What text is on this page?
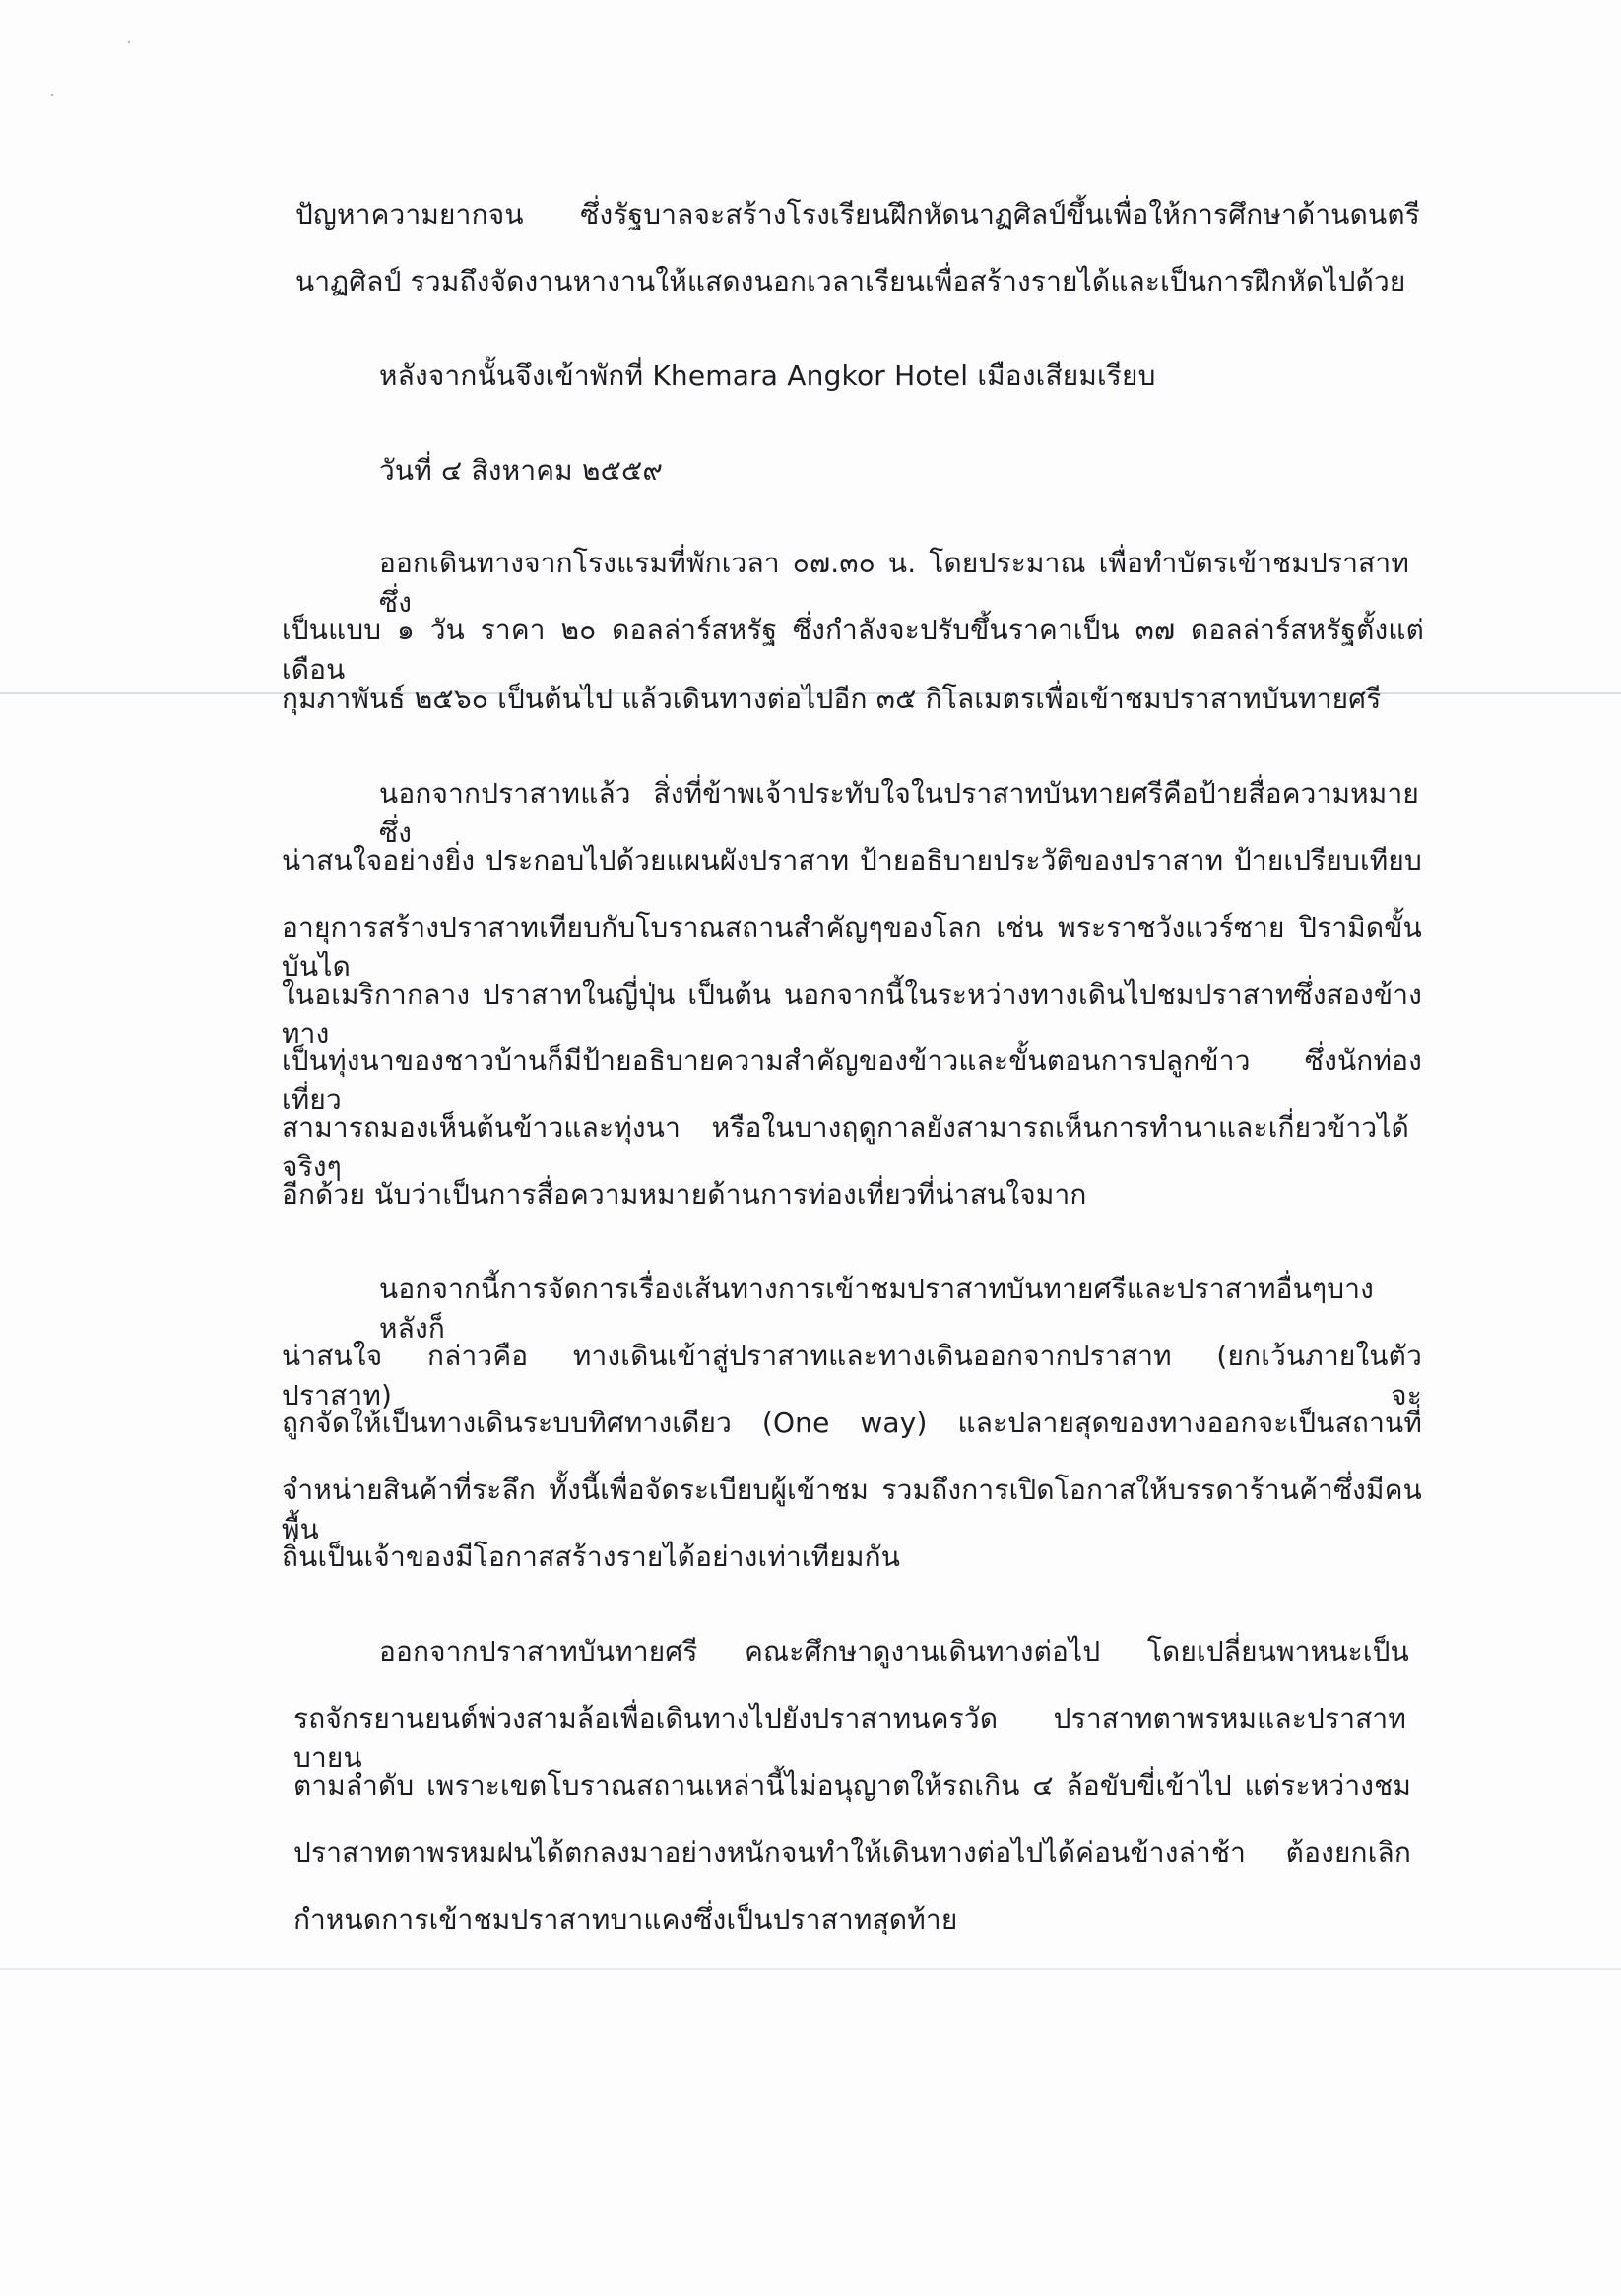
ปัญหาความยากจน ซึ่งรัฐบาลจะสร้างโรงเรียนฝึกหัดนาฏศิลป์ขึ้นเพื่อให้การศึกษาด้านดนตรี

นาฏศิลป์ รวมถึงจัดงานหางานให้แสดงนอกเวลาเรียนเพื่อสร้างรายได้และเป็นการฝึกหัดไปด้วย

หลังจากนั้นจึงเข้าพักที่ Khemara Angkor Hotel เมืองเสียมเรียบ

วันที่ ๔ สิงหาคม ๒๕๕๙

ออกเดินทางจากโรงแรมที่พักเวลา ๐๗.๓๐ น. โดยประมาณ เพื่อทำบัตรเข้าชมปราสาท ซึ่ง

เป็นแบบ ๑ วัน ราคา ๒๐ ดอลล่าร์สหรัฐ ซึ่งกำลังจะปรับขึ้นราคาเป็น ๓๗ ดอลล่าร์สหรัฐตั้งแต่เดือน

กุมภาพันธ์ ๒๕๖๐ เป็นต้นไป แล้วเดินทางต่อไปอีก ๓๕ กิโลเมตรเพื่อเข้าชมปราสาทบันทายศรี

นอกจากปราสาทแล้ว สิ่งที่ข้าพเจ้าประทับใจในปราสาทบันทายศรีคือป้ายสื่อความหมายซึ่ง

น่าสนใจอย่างยิ่ง ประกอบไปด้วยแผนผังปราสาท ป้ายอธิบายประวัติของปราสาท ป้ายเปรียบเทียบ

อายุการสร้างปราสาทเทียบกับโบราณสถานสำคัญๆของโลก เช่น พระราชวังแวร์ซาย ปิรามิดขั้นบันได

ในอเมริกากลาง ปราสาทในญี่ปุ่น เป็นต้น นอกจากนี้ในระหว่างทางเดินไปชมปราสาทซึ่งสองข้างทาง

เป็นทุ่งนาของชาวบ้านก็มีป้ายอธิบายความสำคัญของข้าวและขั้นตอนการปลูกข้าว ซึ่งนักท่องเที่ยว

สามารถมองเห็นต้นข้าวและทุ่งนา หรือในบางฤดูกาลยังสามารถเห็นการทำนาและเกี่ยวข้าวได้จริงๆ

อีกด้วย นับว่าเป็นการสื่อความหมายด้านการท่องเที่ยวที่น่าสนใจมาก

นอกจากนี้การจัดการเรื่องเส้นทางการเข้าชมปราสาทบันทายศรีและปราสาทอื่นๆบางหลังก็

น่าสนใจ กล่าวคือ ทางเดินเข้าสู่ปราสาทและทางเดินออกจากปราสาท (ยกเว้นภายในตัวปราสาท) จะ

ถูกจัดให้เป็นทางเดินระบบทิศทางเดียว (One way) และปลายสุดของทางออกจะเป็นสถานที่

จำหน่ายสินค้าที่ระลึก ทั้งนี้เพื่อจัดระเบียบผู้เข้าชม รวมถึงการเปิดโอกาสให้บรรดาร้านค้าซึ่งมีคนพื้น

ถิ่นเป็นเจ้าของมีโอกาสสร้างรายได้อย่างเท่าเทียมกัน

ออกจากปราสาทบันทายศรี คณะศึกษาดูงานเดินทางต่อไป โดยเปลี่ยนพาหนะเป็น

รถจักรยานยนต์พ่วงสามล้อเพื่อเดินทางไปยังปราสาทนครวัด ปราสาทตาพรหมและปราสาทบายน

ตามลำดับ เพราะเขตโบราณสถานเหล่านี้ไม่อนุญาตให้รถเกิน ๔ ล้อขับขี่เข้าไป แต่ระหว่างชม

ปราสาทตาพรหมฝนได้ตกลงมาอย่างหนักจนทำให้เดินทางต่อไปได้ค่อนข้างล่าช้า ต้องยกเลิก

กำหนดการเข้าชมปราสาทบาแคงซึ่งเป็นปราสาทสุดท้าย
